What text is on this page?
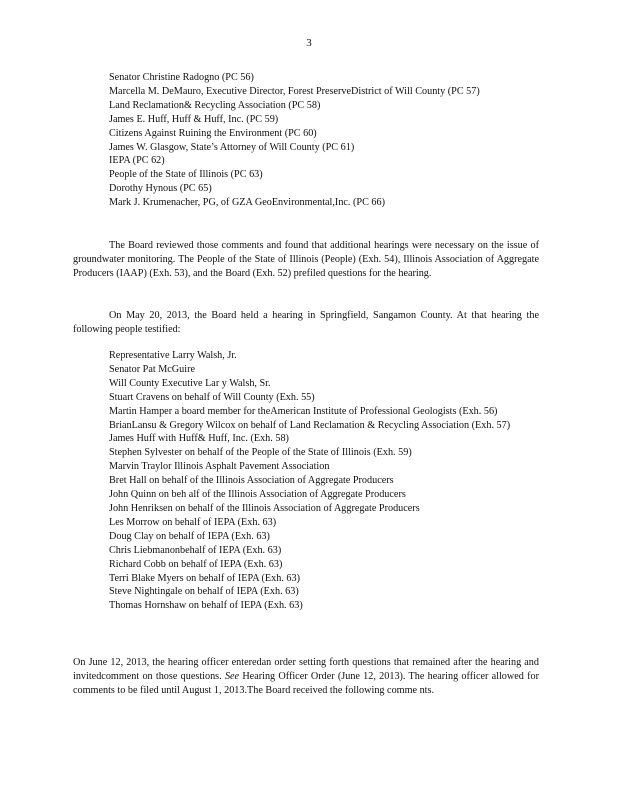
3
Senator Christine Radogno (PC 56)
Marcella M. DeMauro, Executive Director, Forest PreserveDistrict of Will County (PC 57)
Land Reclamation& Recycling Association (PC 58)
James E. Huff, Huff & Huff, Inc. (PC 59)
Citizens Against Ruining the Environment (PC 60)
James W. Glasgow, State’s Attorney of Will County (PC 61)
IEPA (PC 62)
People of the State of Illinois (PC 63)
Dorothy Hynous (PC 65)
Mark J. Krumenacher, PG, of GZA GeoEnvironmental,Inc. (PC 66)

The Board reviewed those comments and found that additional hearings were necessary on the issue of groundwater monitoring. The People of the State of Illinois (People) (Exh. 54), Illinois Association of Aggregate Producers (IAAP) (Exh. 53), and the Board (Exh. 52) prefiled questions for the hearing.

On May 20, 2013, the Board held a hearing in Springfield, Sangamon County. At that hearing the following people testified:

Representative Larry Walsh, Jr.
Senator Pat McGuire
Will County Executive Lar y Walsh, Sr.
Stuart Cravens on behalf of Will County (Exh. 55)
Martin Hamper a board member for theAmerican Institute of Professional Geologists (Exh. 56)
BrianLansu & Gregory Wilcox on behalf of Land Reclamation & Recycling Association (Exh. 57)
James Huff with Huff& Huff, Inc. (Exh. 58)
Stephen Sylvester on behalf of the People of the State of Illinois (Exh. 59)
Marvin Traylor Illinois Asphalt Pavement Association
Bret Hall on behalf of the Illinois Association of Aggregate Producers
John Quinn on beh alf of the Illinois Association of Aggregate Producers
John Henriksen on behalf of the Illinois Association of Aggregate Producers
Les Morrow on behalf of IEPA (Exh. 63)
Doug Clay on behalf of IEPA (Exh. 63)
Chris Liebmanonbehalf of IEPA (Exh. 63)
Richard Cobb on behalf of IEPA (Exh. 63)
Terri Blake Myers on behalf of IEPA (Exh. 63)
Steve Nightingale on behalf of IEPA (Exh. 63)
Thomas Hornshaw on behalf of IEPA (Exh. 63)

On June 12, 2013, the hearing officer enteredan order setting forth questions that remained after the hearing and invitedcomment on those questions. See Hearing Officer Order (June 12, 2013). The hearing officer allowed for comments to be filed until August 1, 2013.The Board received the following comme nts.
